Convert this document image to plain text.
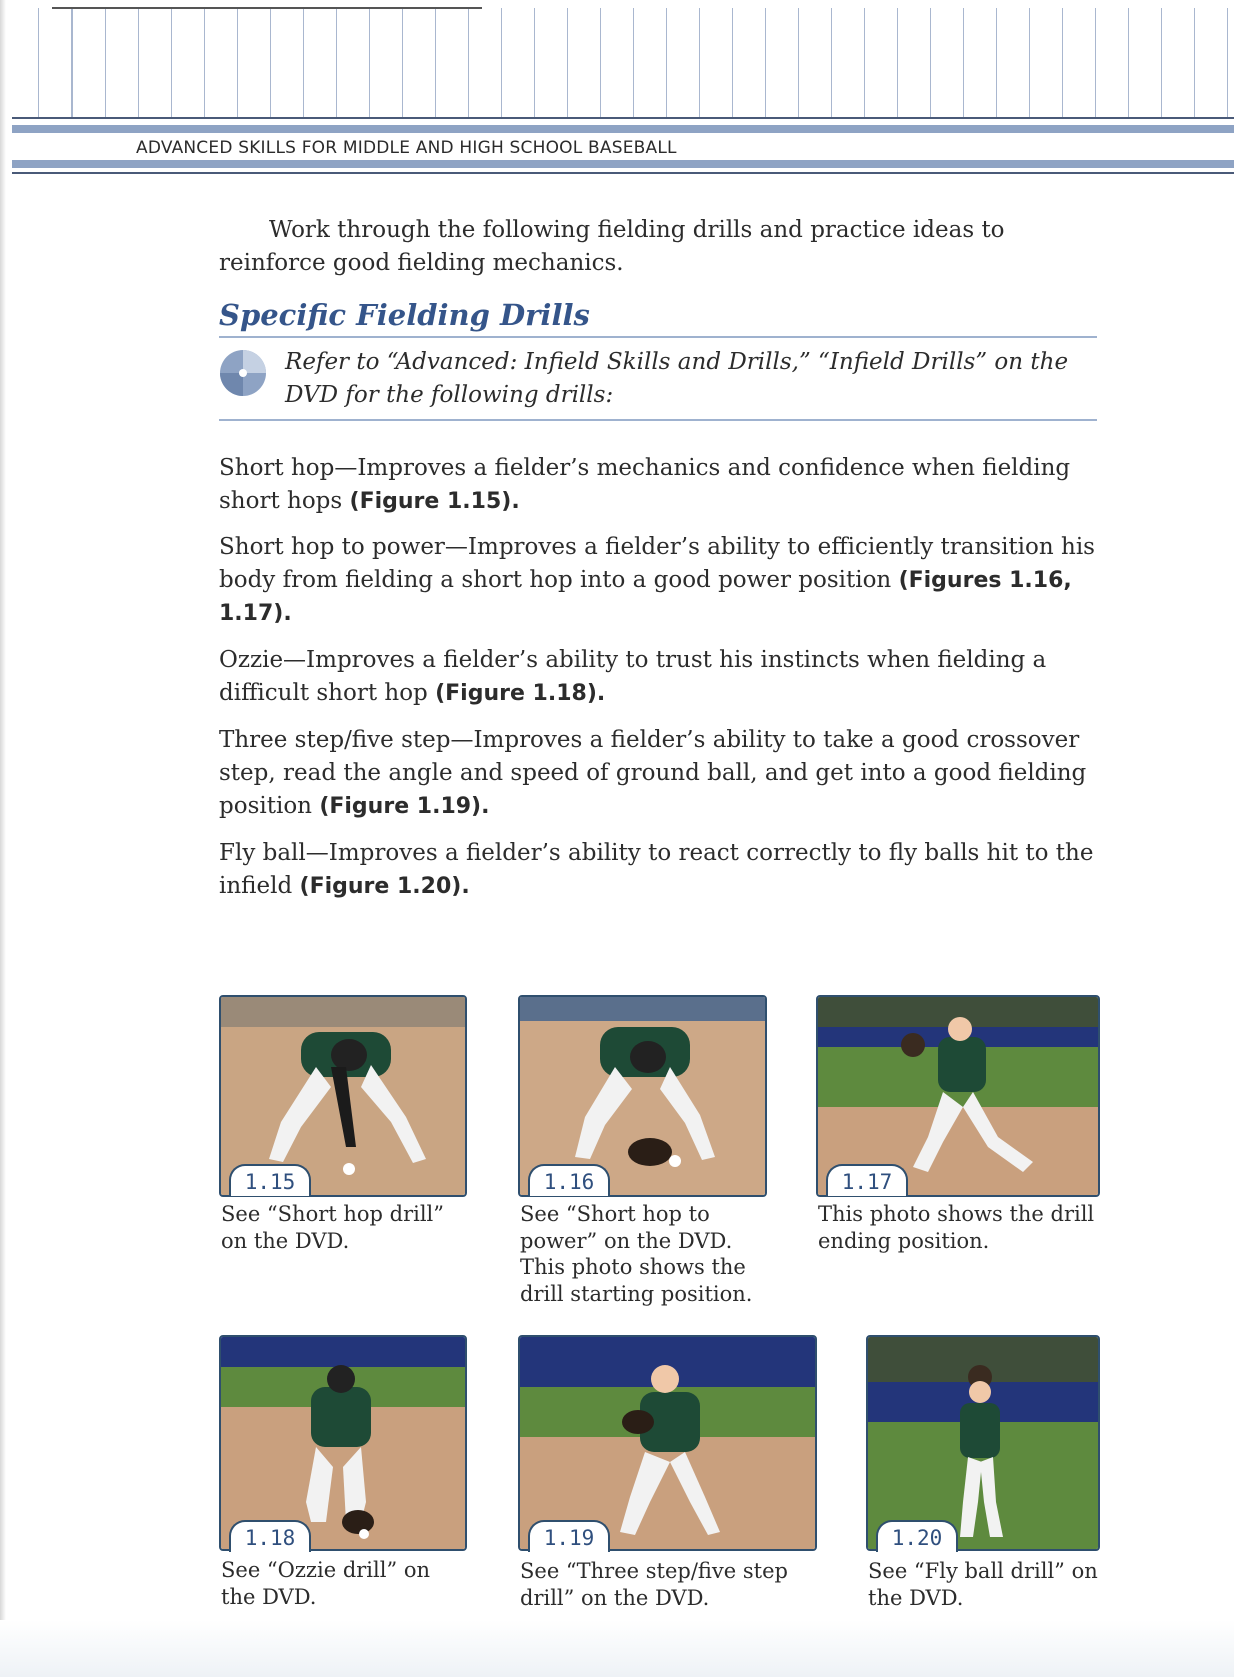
ADVANCED SKILLS FOR MIDDLE AND HIGH SCHOOL BASEBALL
Work through the following fielding drills and practice ideas to reinforce good fielding mechanics.
Specific Fielding Drills
Refer to “Advanced: Infield Skills and Drills,” “Infield Drills” on the DVD for the following drills:
Short hop—Improves a fielder’s mechanics and confidence when fielding short hops (Figure 1.15).
Short hop to power—Improves a fielder’s ability to efficiently transition his body from fielding a short hop into a good power position (Figures 1.16, 1.17).
Ozzie—Improves a fielder’s ability to trust his instincts when fielding a difficult short hop (Figure 1.18).
Three step/five step—Improves a fielder’s ability to take a good crossover step, read the angle and speed of ground ball, and get into a good fielding position (Figure 1.19).
Fly ball—Improves a fielder’s ability to react correctly to fly balls hit to the infield (Figure 1.20).
1.15
See “Short hop drill” on the DVD.
1.16
See “Short hop to power” on the DVD. This photo shows the drill starting position.
1.17
This photo shows the drill ending position.
1.18
See “Ozzie drill” on the DVD.
1.19
See “Three step/five step drill” on the DVD.
1.20
See “Fly ball drill” on the DVD.
